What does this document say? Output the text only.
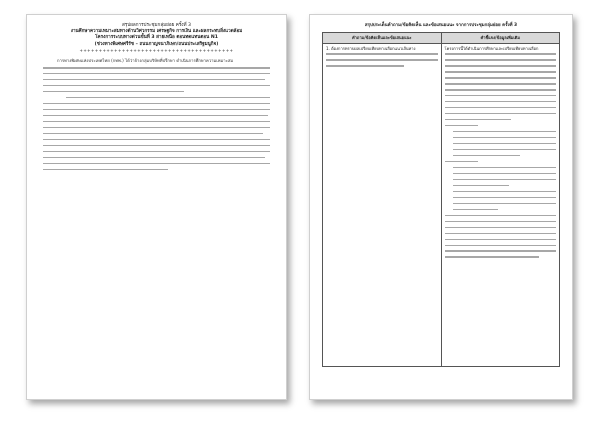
สรุปผลการประชุมกลุ่มย่อย ครั้งที่ 3
งานศึกษาความเหมาะสมทางด้านวิศวกรรม เศรษฐกิจ การเงิน และผลกระทบสิ่งแวดล้อม
โครงการระบบทางด่วนขั้นที่ 3 สายเหนือ ตอนทดแทนตอน N1
(ช่วงทางพิเศษศรีรัช – ถนนกาญจนาภิเษก/ถนนประเสริฐมนูกิจ)
++++++++++++++++++++++++++++++++++++++++

การทางพิเศษแห่งประเทศไทย (กทพ.) ได้ว่าจ้างกลุ่มบริษัทที่ปรึกษา ดำเนินการศึกษาความเหมาะสม

สรุปประเด็นคำถาม/ข้อคิดเห็น และข้อเสนอแนะ จากการประชุมกลุ่มย่อย ครั้งที่ 3
คำถาม/ข้อคิดเห็นและข้อเสนอแนะ	คำชี้แจง/ข้อมูลเพิ่มเติม

1. ต้องการทราบผลเปรียบเทียบทางเลือกแนวเส้นทาง	โครงการนี้ได้ดำเนินการศึกษาและเปรียบเทียบทางเลือก
